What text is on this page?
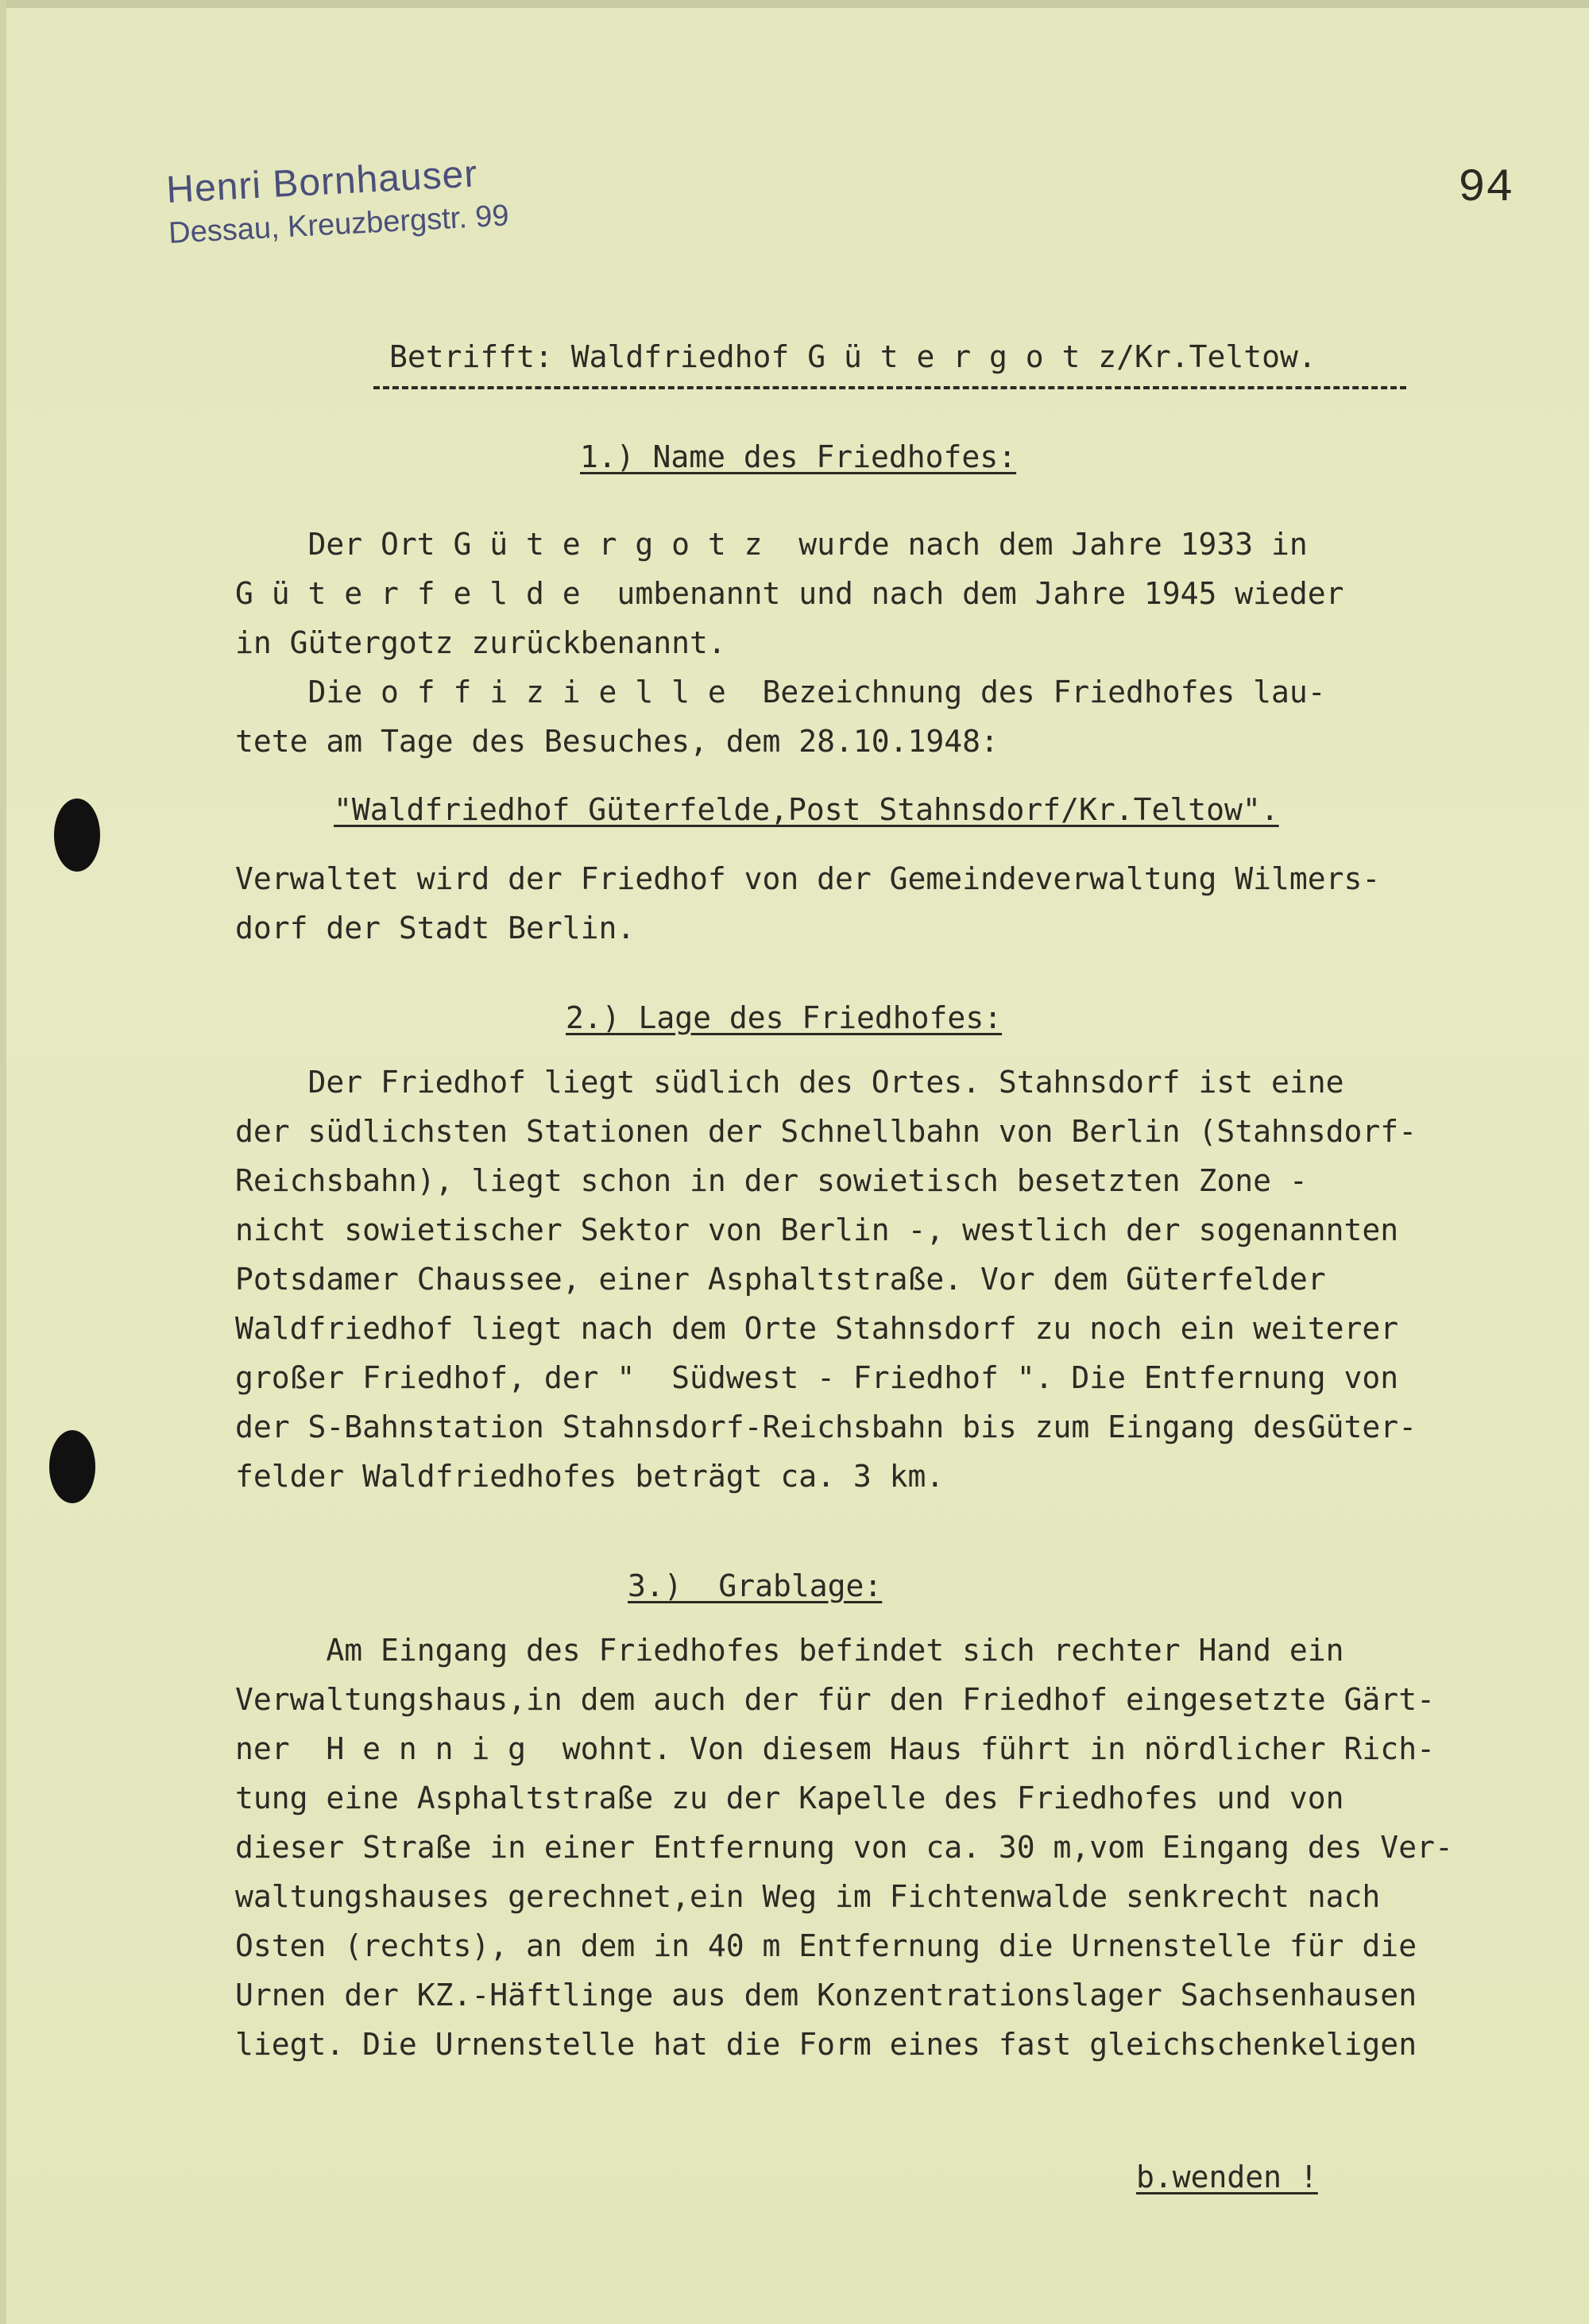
Henri Bornhauser
Dessau, Kreuzbergstr. 99
94
Betrifft: Waldfriedhof G ü t e r g o t z/Kr.Teltow.
1.) Name des Friedhofes:
Der Ort G ü t e r g o t z  wurde nach dem Jahre 1933 in
G ü t e r f e l d e  umbenannt und nach dem Jahre 1945 wieder
in Gütergotz zurückbenannt.
Die o f f i z i e l l e  Bezeichnung des Friedhofes lau-
tete am Tage des Besuches, dem 28.10.1948:
"Waldfriedhof Güterfelde,Post Stahnsdorf/Kr.Teltow".
Verwaltet wird der Friedhof von der Gemeindeverwaltung Wilmers-
dorf der Stadt Berlin.
2.) Lage des Friedhofes:
Der Friedhof liegt südlich des Ortes. Stahnsdorf ist eine
der südlichsten Stationen der Schnellbahn von Berlin (Stahnsdorf-
Reichsbahn), liegt schon in der sowietisch besetzten Zone -
nicht sowietischer Sektor von Berlin -, westlich der sogenannten
Potsdamer Chaussee, einer Asphaltstraße. Vor dem Güterfelder
Waldfriedhof liegt nach dem Orte Stahnsdorf zu noch ein weiterer
großer Friedhof, der "  Südwest - Friedhof ". Die Entfernung von
der S-Bahnstation Stahnsdorf-Reichsbahn bis zum Eingang desGüter-
felder Waldfriedhofes beträgt ca. 3 km.
3.)  Grablage:
Am Eingang des Friedhofes befindet sich rechter Hand ein
Verwaltungshaus,in dem auch der für den Friedhof eingesetzte Gärt-
ner  H e n n i g  wohnt. Von diesem Haus führt in nördlicher Rich-
tung eine Asphaltstraße zu der Kapelle des Friedhofes und von
dieser Straße in einer Entfernung von ca. 30 m,vom Eingang des Ver-
waltungshauses gerechnet,ein Weg im Fichtenwalde senkrecht nach
Osten (rechts), an dem in 40 m Entfernung die Urnenstelle für die
Urnen der KZ.-Häftlinge aus dem Konzentrationslager Sachsenhausen
liegt. Die Urnenstelle hat die Form eines fast gleichschenkeligen
b.wenden !
